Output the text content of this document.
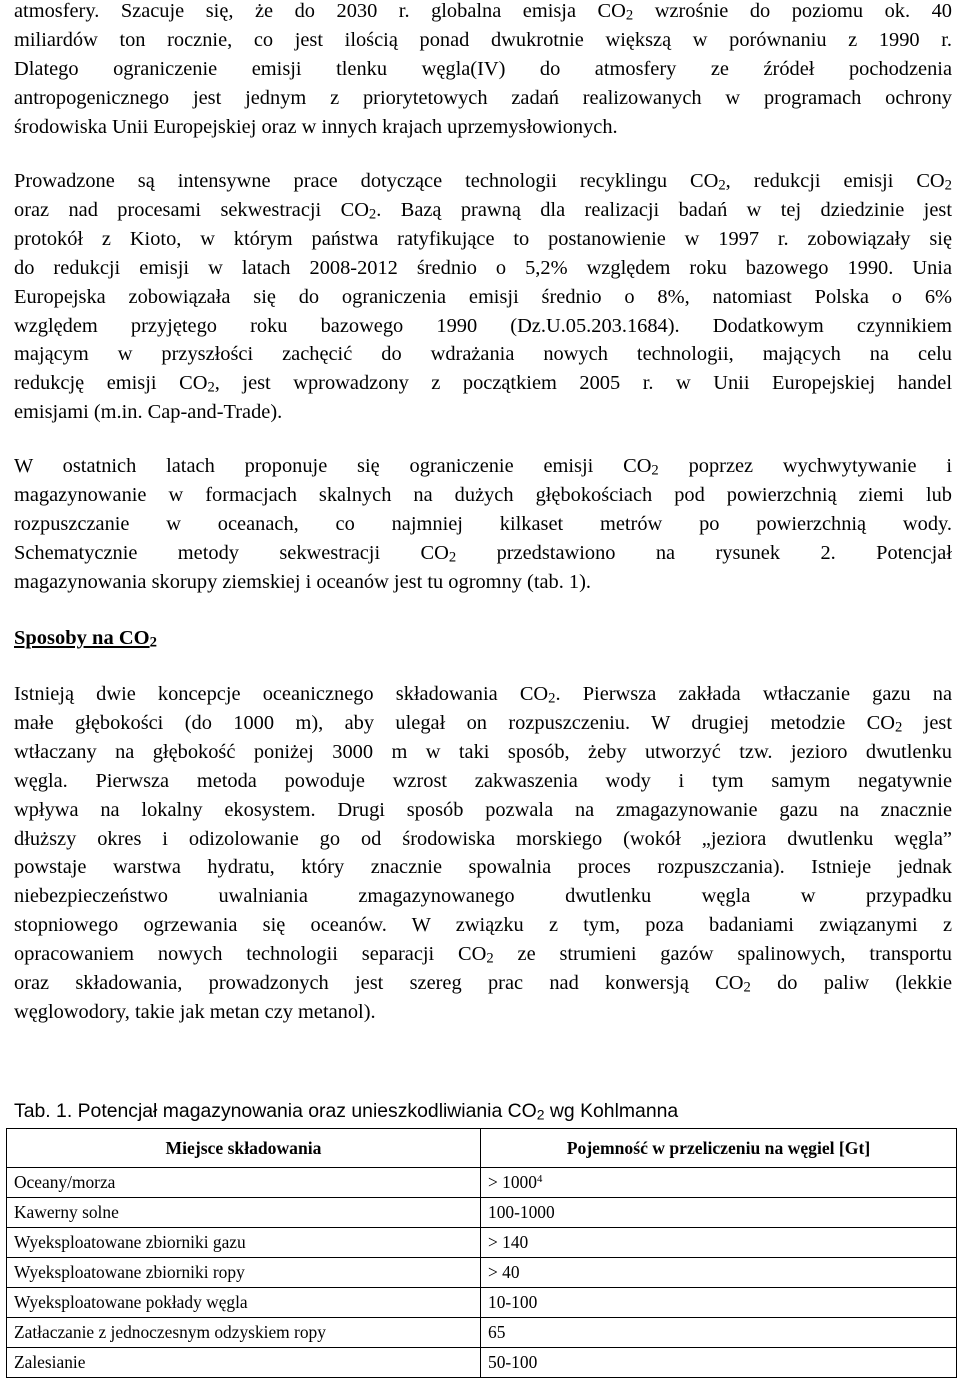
atmosfery. Szacuje się, że do 2030 r. globalna emisja $CO_2$ wzrośnie do poziomu ok. 40
miliardów ton rocznie, co jest ilością ponad dwukrotnie większą w porównaniu z 1990 r.
Dlatego ograniczenie emisji tlenku węgla(IV) do atmosfery ze źródeł pochodzenia
antropogenicznego jest jednym z priorytetowych zadań realizowanych w programach ochrony
środowiska Unii Europejskiej oraz w innych krajach uprzemysłowionych.
Prowadzone są intensywne prace dotyczące technologii recyklingu $CO_2$, redukcji emisji $CO_2$
oraz nad procesami sekwestracji $CO_2$. Bazą prawną dla realizacji badań w tej dziedzinie jest
protokół z Kioto, w którym państwa ratyfikujące to postanowienie w 1997 r. zobowiązały się
do redukcji emisji w latach 2008-2012 średnio o 5,2% względem roku bazowego 1990. Unia
Europejska zobowiązała się do ograniczenia emisji średnio o 8%, natomiast Polska o 6%
względem przyjętego roku bazowego 1990 (Dz.U.05.203.1684). Dodatkowym czynnikiem
mającym w przyszłości zachęcić do wdrażania nowych technologii, mających na celu
redukcję emisji $CO_2$, jest wprowadzony z początkiem 2005 r. w Unii Europejskiej handel
emisjami (m.in. Cap-and-Trade).
W ostatnich latach proponuje się ograniczenie emisji $CO_2$ poprzez wychwytywanie i
magazynowanie w formacjach skalnych na dużych głębokościach pod powierzchnią ziemi lub
rozpuszczanie w oceanach, co najmniej kilkaset metrów po powierzchnią wody.
Schematycznie metody sekwestracji $CO_2$ przedstawiono na rysunek 2. Potencjał
magazynowania skorupy ziemskiej i oceanów jest tu ogromny (tab. 1).
Sposoby na $CO_2$
Istnieją dwie koncepcje oceanicznego składowania $CO_2$. Pierwsza zakłada wtłaczanie gazu na
małe głębokości (do 1000 m), aby ulegał on rozpuszczeniu. W drugiej metodzie $CO_2$ jest
wtłaczany na głębokość poniżej 3000 m w taki sposób, żeby utworzyć tzw. jezioro dwutlenku
węgla. Pierwsza metoda powoduje wzrost zakwaszenia wody i tym samym negatywnie
wpływa na lokalny ekosystem. Drugi sposób pozwala na zmagazynowanie gazu na znacznie
dłuższy okres i odizolowanie go od środowiska morskiego (wokół „jeziora dwutlenku węgla”
powstaje warstwa hydratu, który znacznie spowalnia proces rozpuszczania). Istnieje jednak
niebezpieczeństwo uwalniania zmagazynowanego dwutlenku węgla w przypadku
stopniowego ogrzewania się oceanów. W związku z tym, poza badaniami związanymi z
opracowaniem nowych technologii separacji $CO_2$ ze strumieni gazów spalinowych, transportu
oraz składowania, prowadzonych jest szereg prac nad konwersją $CO_2$ do paliw (lekkie
węglowodory, takie jak metan czy metanol).
Tab. 1. Potencjał magazynowania oraz unieszkodliwiania $CO_2$ wg Kohlmanna
Miejsce składowania	Pojemność w przeliczeniu na węgiel [Gt]
Oceany/morza	> $1000^4$
Kawerny solne	100-1000
Wyeksploatowane zbiorniki gazu	> 140
Wyeksploatowane zbiorniki ropy	> 40
Wyeksploatowane pokłady węgla	10-100
Zatłaczanie z jednoczesnym odzyskiem ropy	65
Zalesianie	50-100
